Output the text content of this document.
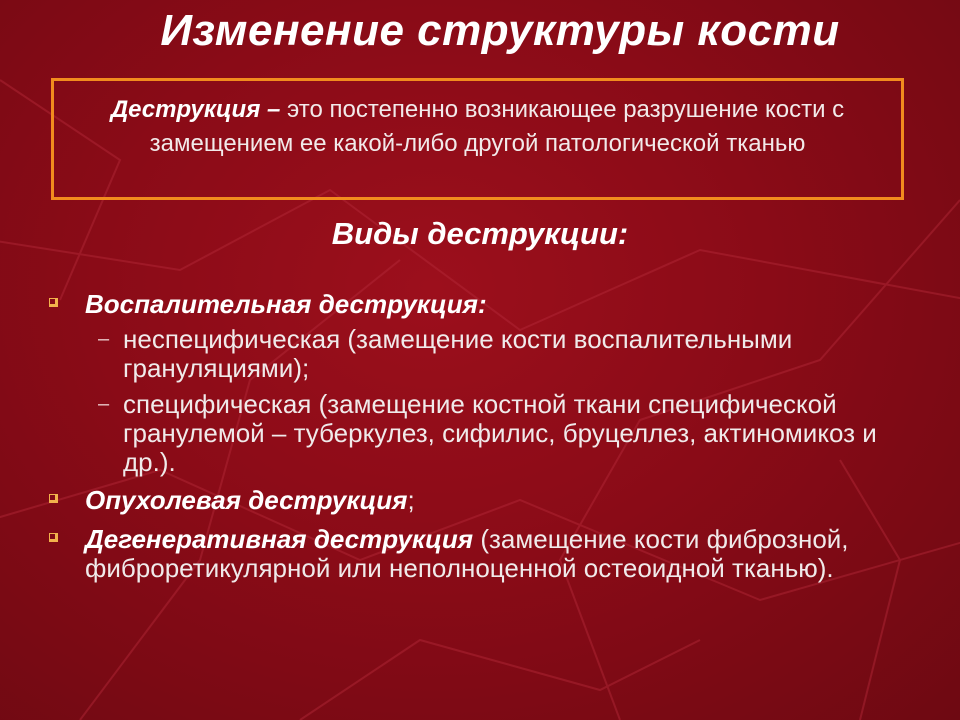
Изменение структуры кости
Деструкция – это постепенно возникающее разрушение кости с замещением ее какой-либо другой патологической тканью
Виды деструкции:
Воспалительная деструкция:
– неспецифическая (замещение кости воспалительными грануляциями);
– специфическая (замещение костной ткани специфической гранулемой – туберкулез, сифилис, бруцеллез, актиномикоз и др.).
Опухолевая деструкция;
Дегенеративная деструкция (замещение кости фиброзной, фиброретикулярной или неполноценной остеоидной тканью).
